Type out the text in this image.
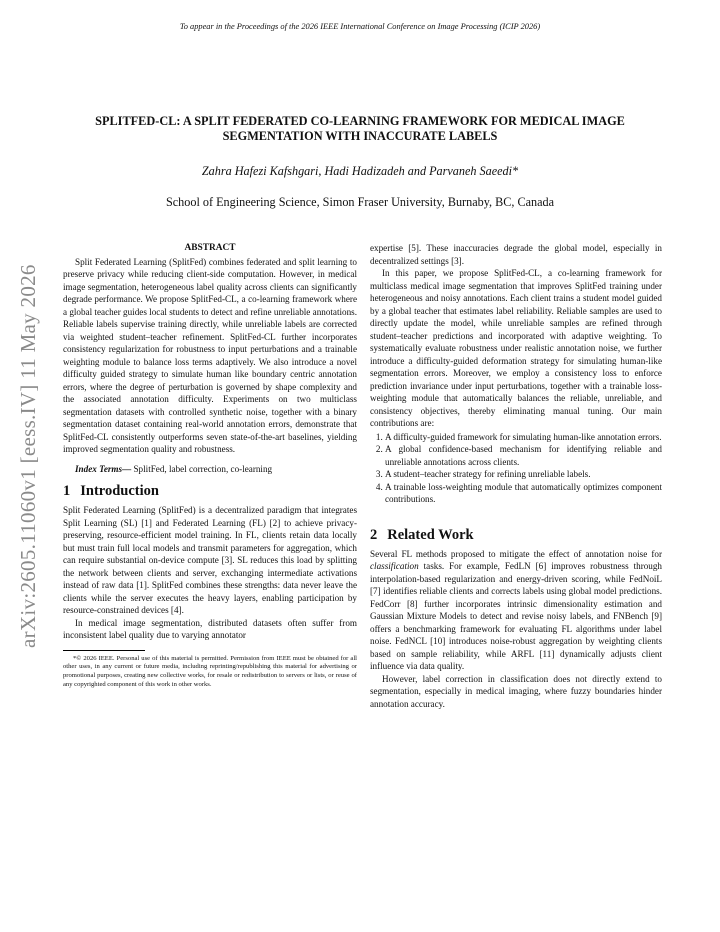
To appear in the Proceedings of the 2026 IEEE International Conference on Image Processing (ICIP 2026)
arXiv:2605.11060v1 [eess.IV] 11 May 2026
SPLITFED-CL: A SPLIT FEDERATED CO-LEARNING FRAMEWORK FOR MEDICAL IMAGE SEGMENTATION WITH INACCURATE LABELS
Zahra Hafezi Kafshgari, Hadi Hadizadeh and Parvaneh Saeedi*
School of Engineering Science, Simon Fraser University, Burnaby, BC, Canada
ABSTRACT

Split Federated Learning (SplitFed) combines federated and split learning to preserve privacy while reducing client-side computation. However, in medical image segmentation, heterogeneous label quality across clients can significantly degrade performance. We propose SplitFed-CL, a co-learning framework where a global teacher guides local students to detect and refine unreliable annotations. Reliable labels supervise training directly, while unreliable labels are corrected via weighted student–teacher refinement. SplitFed-CL further incorporates consistency regularization for robustness to input perturbations and a trainable weighting module to balance loss terms adaptively. We also introduce a novel difficulty guided strategy to simulate human like boundary centric annotation errors, where the degree of perturbation is governed by shape complexity and the associated annotation difficulty. Experiments on two multiclass segmentation datasets with controlled synthetic noise, together with a binary segmentation dataset containing real-world annotation errors, demonstrate that SplitFed-CL consistently outperforms seven state-of-the-art baselines, yielding improved segmentation quality and robustness.

Index Terms— SplitFed, label correction, co-learning

1 Introduction

Split Federated Learning (SplitFed) is a decentralized paradigm that integrates Split Learning (SL) [1] and Federated Learning (FL) [2] to achieve privacy-preserving, resource-efficient model training. In FL, clients retain data locally but must train full local models and transmit parameters for aggregation, which can require substantial on-device compute [3]. SL reduces this load by splitting the network between clients and server, exchanging intermediate activations instead of raw data [1]. SplitFed combines these strengths: data never leave the clients while the server executes the heavy layers, enabling participation by resource-constrained devices [4].

In medical image segmentation, distributed datasets often suffer from inconsistent label quality due to varying annotator

*© 2026 IEEE. Personal use of this material is permitted. Permission from IEEE must be obtained for all other uses, in any current or future media, including reprinting/republishing this material for advertising or promotional purposes, creating new collective works, for resale or redistribution to servers or lists, or reuse of any copyrighted component of this work in other works.

expertise [5]. These inaccuracies degrade the global model, especially in decentralized settings [3].

In this paper, we propose SplitFed-CL, a co-learning framework for multiclass medical image segmentation that improves SplitFed training under heterogeneous and noisy annotations. Each client trains a student model guided by a global teacher that estimates label reliability. Reliable samples are used to directly update the model, while unreliable samples are refined through student–teacher predictions and incorporated with adaptive weighting. To systematically evaluate robustness under realistic annotation noise, we further introduce a difficulty-guided deformation strategy for simulating human-like segmentation errors. Moreover, we employ a consistency loss to enforce prediction invariance under input perturbations, together with a trainable loss-weighting module that automatically balances the reliable, unreliable, and consistency objectives, thereby eliminating manual tuning. Our main contributions are:

1. A difficulty-guided framework for simulating human-like annotation errors.
2. A global confidence-based mechanism for identifying reliable and unreliable annotations across clients.
3. A student–teacher strategy for refining unreliable labels.
4. A trainable loss-weighting module that automatically optimizes component contributions.
2 Related Work

Several FL methods proposed to mitigate the effect of annotation noise for classification tasks. For example, FedLN [6] improves robustness through interpolation-based regularization and energy-driven scoring, while FedNoiL [7] identifies reliable clients and corrects labels using global model predictions. FedCorr [8] further incorporates intrinsic dimensionality estimation and Gaussian Mixture Models to detect and revise noisy labels, and FNBench [9] offers a benchmarking framework for evaluating FL algorithms under label noise. FedNCL [10] introduces noise-robust aggregation by weighting clients based on sample reliability, while ARFL [11] dynamically adjusts client influence via data quality.

However, label correction in classification does not directly extend to segmentation, especially in medical imaging, where fuzzy boundaries hinder annotation accuracy.
